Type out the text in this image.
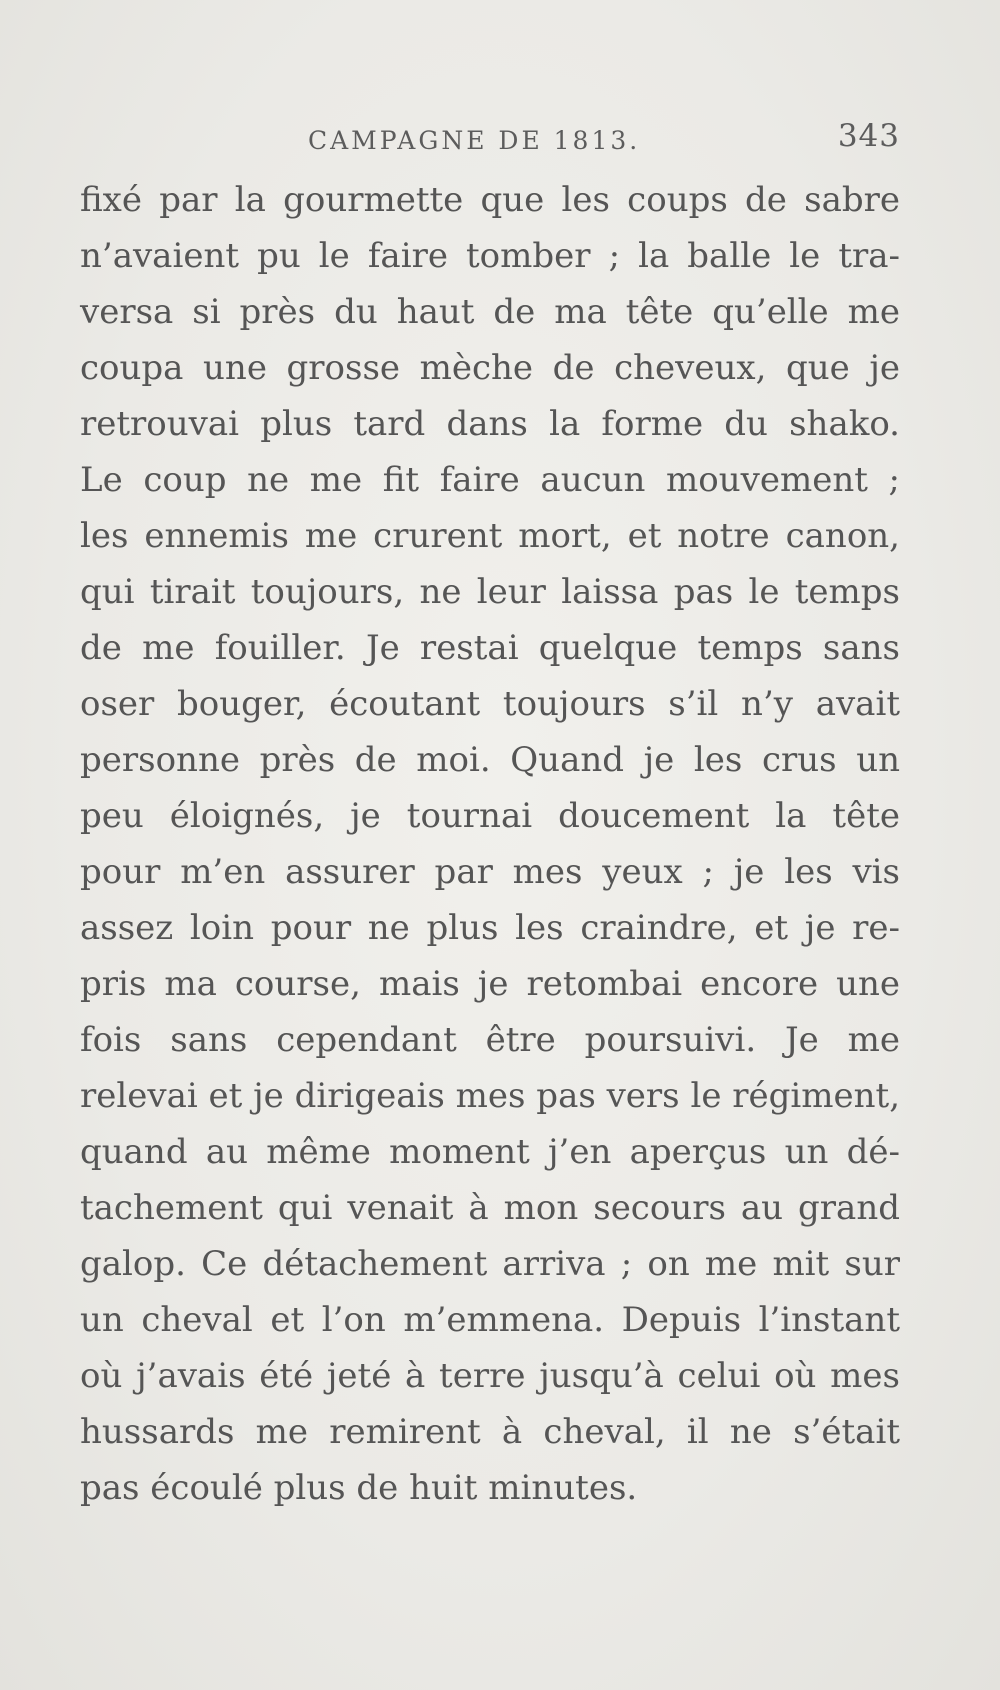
CAMPAGNE DE 1813.	343
fixé par la gourmette que les coups de sabre
n’avaient pu le faire tomber ; la balle le tra-
versa si près du haut de ma tête qu’elle me
coupa une grosse mèche de cheveux, que je
retrouvai plus tard dans la forme du shako.
Le coup ne me fit faire aucun mouvement ;
les ennemis me crurent mort, et notre canon,
qui tirait toujours, ne leur laissa pas le temps
de me fouiller. Je restai quelque temps sans
oser bouger, écoutant toujours s’il n’y avait
personne près de moi. Quand je les crus un
peu éloignés, je tournai doucement la tête
pour m’en assurer par mes yeux ; je les vis
assez loin pour ne plus les craindre, et je re-
pris ma course, mais je retombai encore une
fois sans cependant être poursuivi. Je me
relevai et je dirigeais mes pas vers le régiment,
quand au même moment j’en aperçus un dé-
tachement qui venait à mon secours au grand
galop. Ce détachement arriva ; on me mit sur
un cheval et l’on m’emmena. Depuis l’instant
où j’avais été jeté à terre jusqu’à celui où mes
hussards me remirent à cheval, il ne s’était
pas écoulé plus de huit minutes.
